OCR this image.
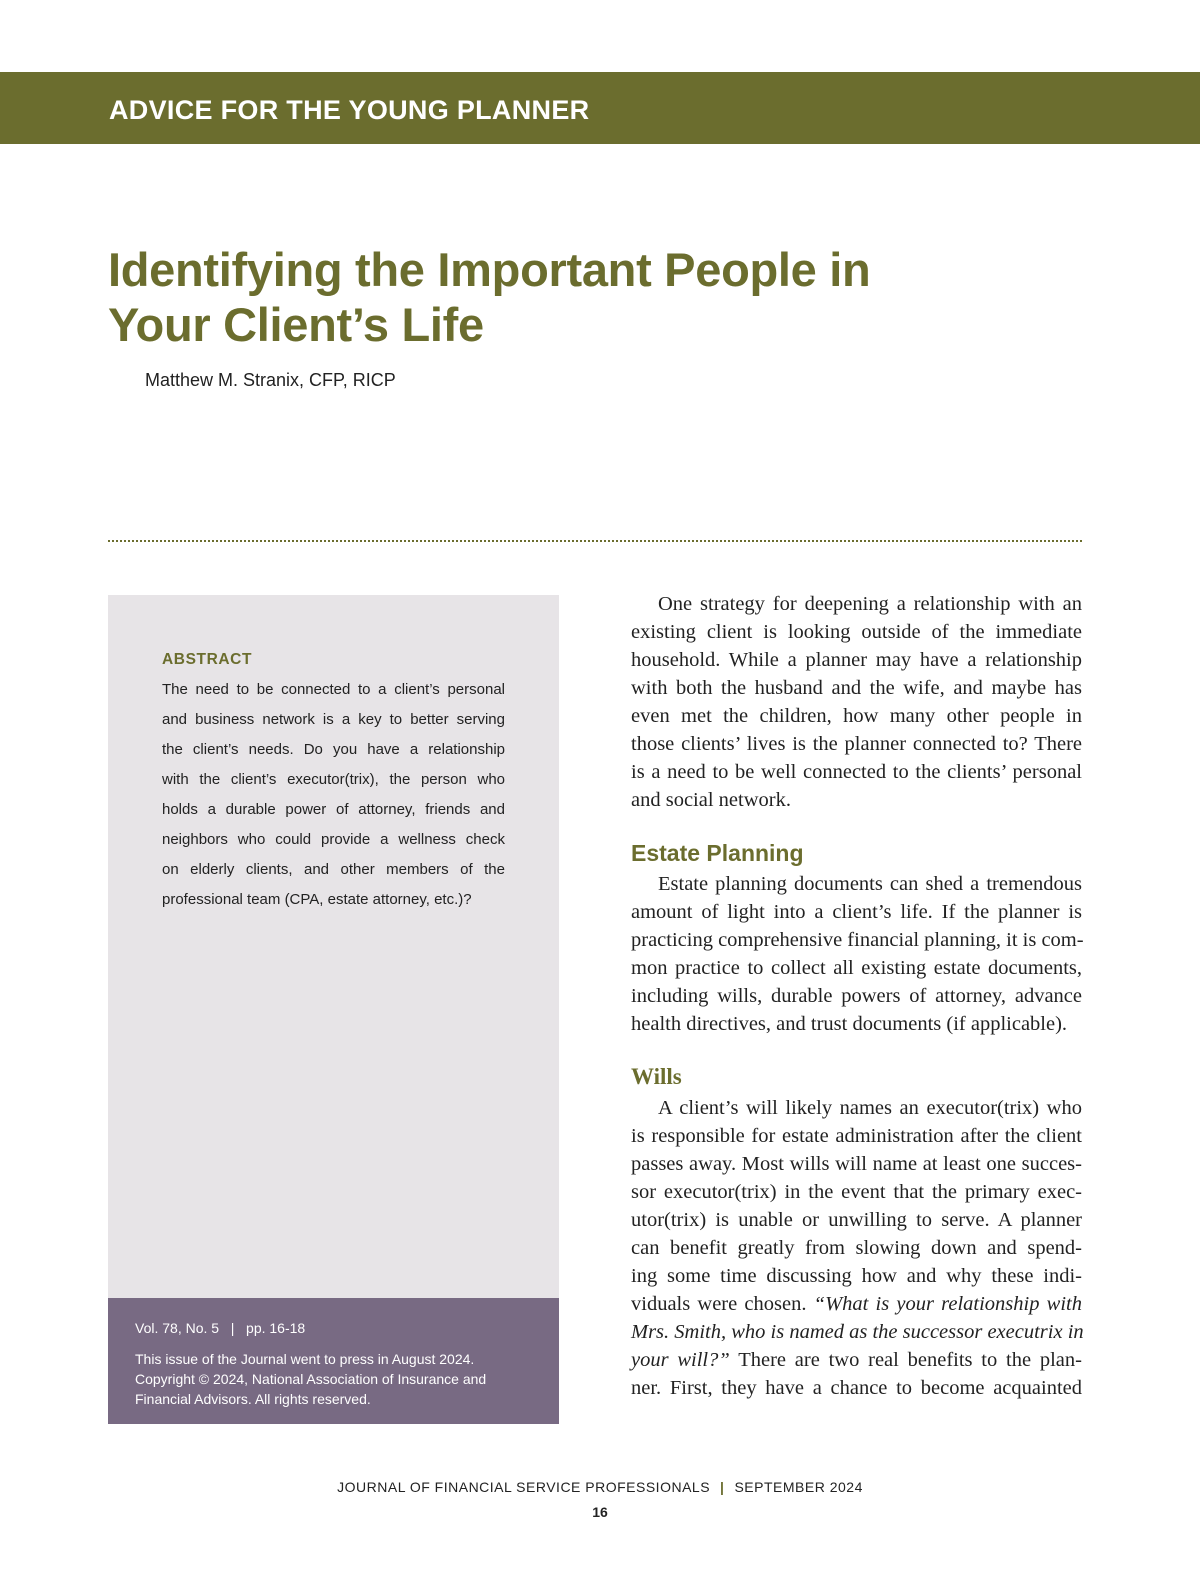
ADVICE FOR THE YOUNG PLANNER
Identifying the Important People in
Your Client’s Life
Matthew M. Stranix, CFP, RICP
ABSTRACT
The need to be connected to a client’s personal
and business network is a key to better serving
the client’s needs. Do you have a relationship
with the client’s executor(trix), the person who
holds a durable power of attorney, friends and
neighbors who could provide a wellness check
on elderly clients, and other members of the
professional team (CPA, estate attorney, etc.)?
Vol. 78, No. 5   |   pp. 16-18
This issue of the Journal went to press in August 2024.
Copyright © 2024, National Association of Insurance and
Financial Advisors. All rights reserved.
One strategy for deepening a relationship with an
existing client is looking outside of the immediate
household. While a planner may have a relationship
with both the husband and the wife, and maybe has
even met the children, how many other people in
those clients’ lives is the planner connected to? There
is a need to be well connected to the clients’ personal
and social network.
Estate Planning
Estate planning documents can shed a tremendous
amount of light into a client’s life. If the planner is
practicing comprehensive financial planning, it is com-
mon practice to collect all existing estate documents,
including wills, durable powers of attorney, advance
health directives, and trust documents (if applicable).
Wills
A client’s will likely names an executor(trix) who
is responsible for estate administration after the client
passes away. Most wills will name at least one succes-
sor executor(trix) in the event that the primary exec-
utor(trix) is unable or unwilling to serve. A planner
can benefit greatly from slowing down and spend-
ing some time discussing how and why these indi-
viduals were chosen. “What is your relationship with
Mrs. Smith, who is named as the successor executrix in
your will?” There are two real benefits to the plan-
ner. First, they have a chance to become acquainted
JOURNAL OF FINANCIAL SERVICE PROFESSIONALS | SEPTEMBER 2024
16
